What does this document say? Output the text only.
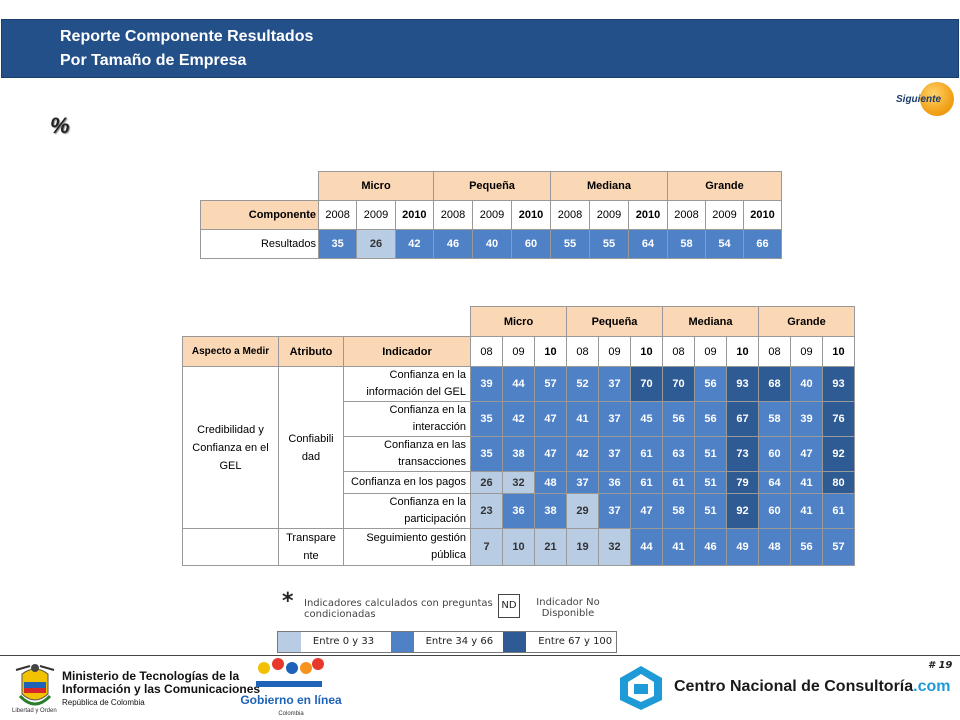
Reporte Componente Resultados
Por Tamaño de Empresa
Siguiente
%
	Micro			Pequeña			Mediana			Grande		
Componente	2008	2009	2010	2008	2009	2010	2008	2009	2010	2008	2009	2010
Resultados	35	26	42	46	40	60	55	55	64	58	54	66
			Micro			Pequeña			Mediana			Grande		
Aspecto a Medir	Atributo	Indicador	08	09	10	08	09	10	08	09	10	08	09	10
Credibilidad y Confianza en el GEL	Confiabili dad	Confianza en la información del GEL	39	44	57	52	37	70	70	56	93	68	40	93
		Confianza en la interacción	35	42	47	41	37	45	56	56	67	58	39	76
		Confianza en las transacciones	35	38	47	42	37	61	63	51	73	60	47	92
		Confianza en los pagos	26	32	48	37	36	61	61	51	79	64	41	80
		Confianza en la participación	23	36	38	29	37	47	58	51	92	60	41	61
	Transpare nte	Seguimiento gestión pública	7	10	21	19	32	44	41	46	49	48	56	57
* Indicadores calculados con preguntas condicionadas
ND	Indicador No Disponible
Entre 0 y 33	Entre 34 y 66	Entre 67 y 100
# 19
Ministerio de Tecnologías de la
Información y las Comunicaciones
República de Colombia
Libertad y Orden
Gobierno en línea
Colombia
Centro Nacional de Consultoría.com
